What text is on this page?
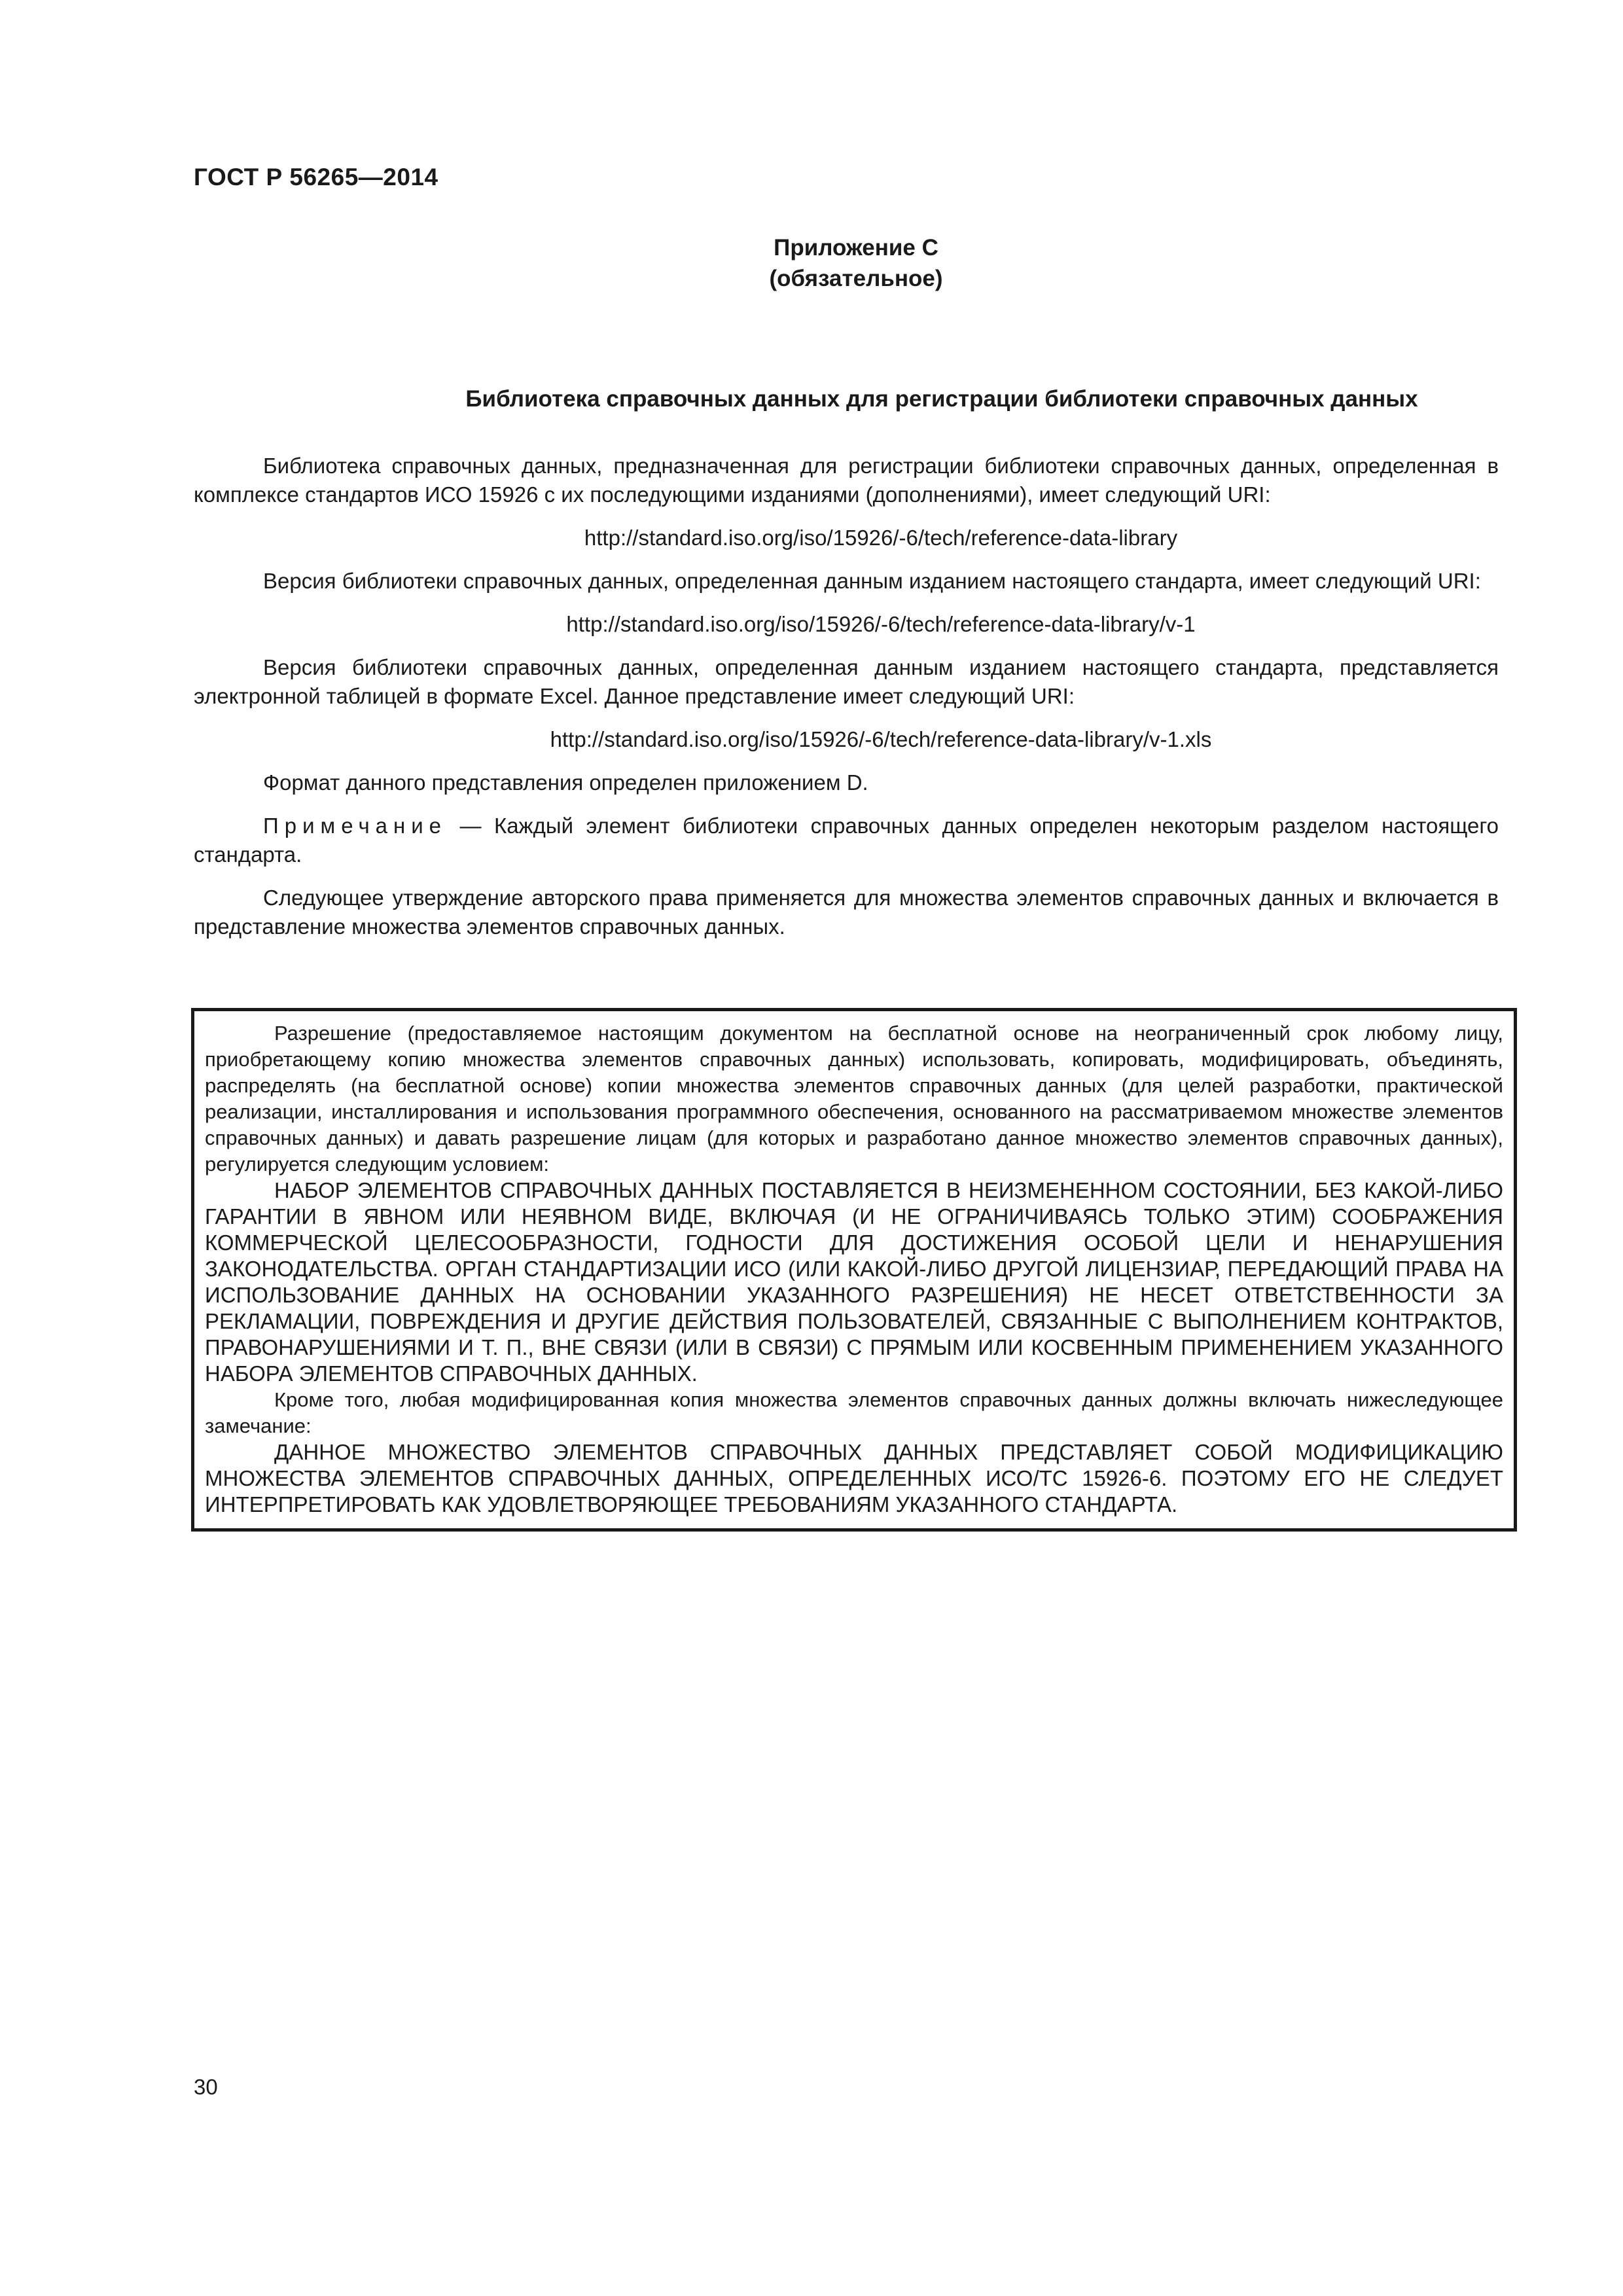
ГОСТ Р 56265—2014
Приложение C
(обязательное)
Библиотека справочных данных для регистрации библиотеки справочных данных

Библиотека справочных данных, предназначенная для регистрации библиотеки справочных данных, определенная в комплексе стандартов ИСО 15926 с их последующими изданиями (дополнениями), имеет следующий URI:

http://standard.iso.org/iso/15926/-6/tech/reference-data-library

Версия библиотеки справочных данных, определенная данным изданием настоящего стандарта, имеет следующий URI:

http://standard.iso.org/iso/15926/-6/tech/reference-data-library/v-1

Версия библиотеки справочных данных, определенная данным изданием настоящего стандарта, представляется электронной таблицей в формате Excel. Данное представление имеет следующий URI:

http://standard.iso.org/iso/15926/-6/tech/reference-data-library/v-1.xls

Формат данного представления определен приложением D.

Примечание — Каждый элемент библиотеки справочных данных определен некоторым разделом настоящего стандарта.

Следующее утверждение авторского права применяется для множества элементов справочных данных и включается в представление множества элементов справочных данных.

Разрешение (предоставляемое настоящим документом на бесплатной основе на неограниченный срок любому лицу, приобретающему копию множества элементов справочных данных) использовать, копировать, модифицировать, объединять, распределять (на бесплатной основе) копии множества элементов справочных данных (для целей разработки, практической реализации, инсталлирования и использования программного обеспечения, основанного на рассматриваемом множестве элементов справочных данных) и давать разрешение лицам (для которых и разработано данное множество элементов справочных данных), регулируется следующим условием:

НАБОР ЭЛЕМЕНТОВ СПРАВОЧНЫХ ДАННЫХ ПОСТАВЛЯЕТСЯ В НЕИЗМЕНЕННОМ СОСТОЯНИИ, БЕЗ КАКОЙ-ЛИБО ГАРАНТИИ В ЯВНОМ ИЛИ НЕЯВНОМ ВИДЕ, ВКЛЮЧАЯ (И НЕ ОГРАНИЧИВАЯСЬ ТОЛЬКО ЭТИМ) СООБРАЖЕНИЯ КОММЕРЧЕСКОЙ ЦЕЛЕСООБРАЗНОСТИ, ГОДНОСТИ ДЛЯ ДОСТИЖЕНИЯ ОСОБОЙ ЦЕЛИ И НЕНАРУШЕНИЯ ЗАКОНОДАТЕЛЬСТВА. ОРГАН СТАНДАРТИЗАЦИИ ИСО (ИЛИ КАКОЙ-ЛИБО ДРУГОЙ ЛИЦЕНЗИАР, ПЕРЕДАЮЩИЙ ПРАВА НА ИСПОЛЬЗОВАНИЕ ДАННЫХ НА ОСНОВАНИИ УКАЗАННОГО РАЗРЕШЕНИЯ) НЕ НЕСЕТ ОТВЕТСТВЕННОСТИ ЗА РЕКЛАМАЦИИ, ПОВРЕЖДЕНИЯ И ДРУГИЕ ДЕЙСТВИЯ ПОЛЬЗОВАТЕЛЕЙ, СВЯЗАННЫЕ С ВЫПОЛНЕНИЕМ КОНТРАКТОВ, ПРАВОНАРУШЕНИЯМИ И Т. П., ВНЕ СВЯЗИ (ИЛИ В СВЯЗИ) С ПРЯМЫМ ИЛИ КОСВЕННЫМ ПРИМЕНЕНИЕМ УКАЗАННОГО НАБОРА ЭЛЕМЕНТОВ СПРАВОЧНЫХ ДАННЫХ.

Кроме того, любая модифицированная копия множества элементов справочных данных должны включать нижеследующее замечание:

ДАННОЕ МНОЖЕСТВО ЭЛЕМЕНТОВ СПРАВОЧНЫХ ДАННЫХ ПРЕДСТАВЛЯЕТ СОБОЙ МОДИФИЦИКАЦИЮ МНОЖЕСТВА ЭЛЕМЕНТОВ СПРАВОЧНЫХ ДАННЫХ, ОПРЕДЕЛЕННЫХ ИСО/ТС 15926-6. ПОЭТОМУ ЕГО НЕ СЛЕДУЕТ ИНТЕРПРЕТИРОВАТЬ КАК УДОВЛЕТВОРЯЮЩЕЕ ТРЕБОВАНИЯМ УКАЗАННОГО СТАНДАРТА.

30
